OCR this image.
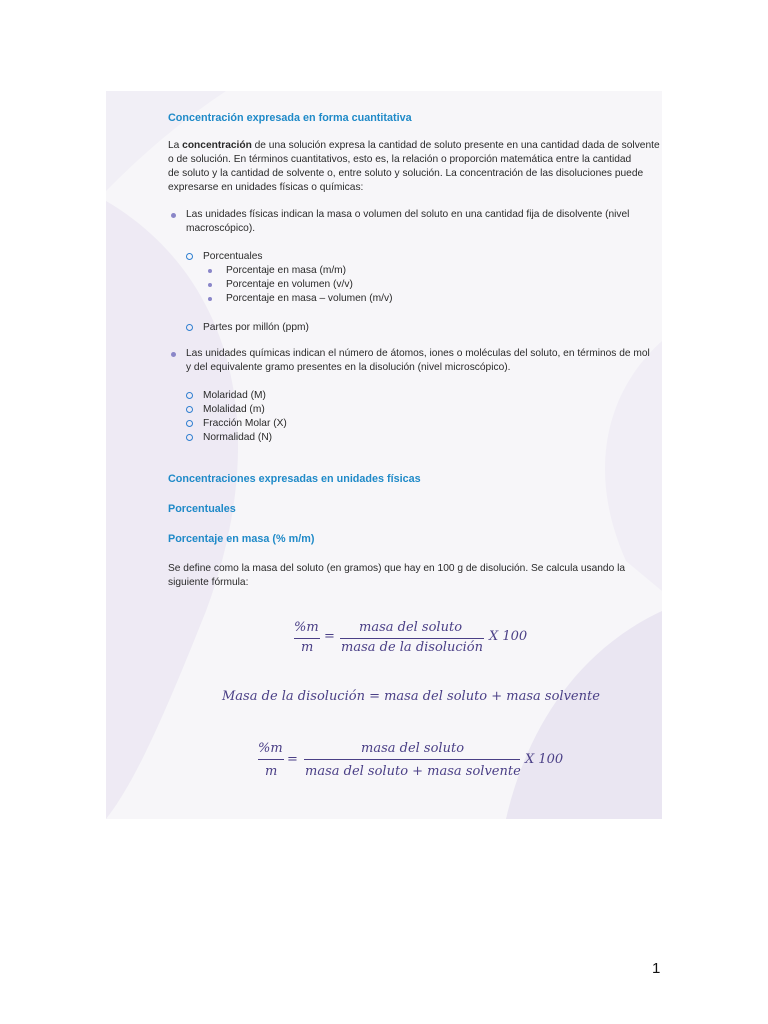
Concentración expresada en forma cuantitativa
La concentración de una solución expresa la cantidad de soluto presente en una cantidad dada de solvente
o de solución. En términos cuantitativos, esto es, la relación o proporción matemática entre la cantidad
de soluto y la cantidad de solvente o, entre soluto y solución. La concentración de las disoluciones puede
expresarse en unidades físicas o químicas:
Las unidades físicas indican la masa o volumen del soluto en una cantidad fija de disolvente (nivel
macroscópico).
Porcentuales
Porcentaje en masa (m/m)
Porcentaje en volumen (v/v)
Porcentaje en masa – volumen (m/v)
Partes por millón (ppm)
Las unidades químicas indican el número de átomos, iones o moléculas del soluto, en términos de mol
y del equivalente gramo presentes en la disolución (nivel microscópico).
Molaridad (M)
Molalidad (m)
Fracción Molar (X)
Normalidad (N)
Concentraciones expresadas en unidades físicas
Porcentuales
Porcentaje en masa (% m/m)
Se define como la masa del soluto (en gramos) que hay en 100 g de disolución. Se calcula usando la
siguiente fórmula:
%m
m
=
masa del soluto
masa de la disolución
X 100
Masa de la disolución = masa del soluto + masa solvente
%m
m
=
masa del soluto
masa del soluto + masa solvente
X 100
1
